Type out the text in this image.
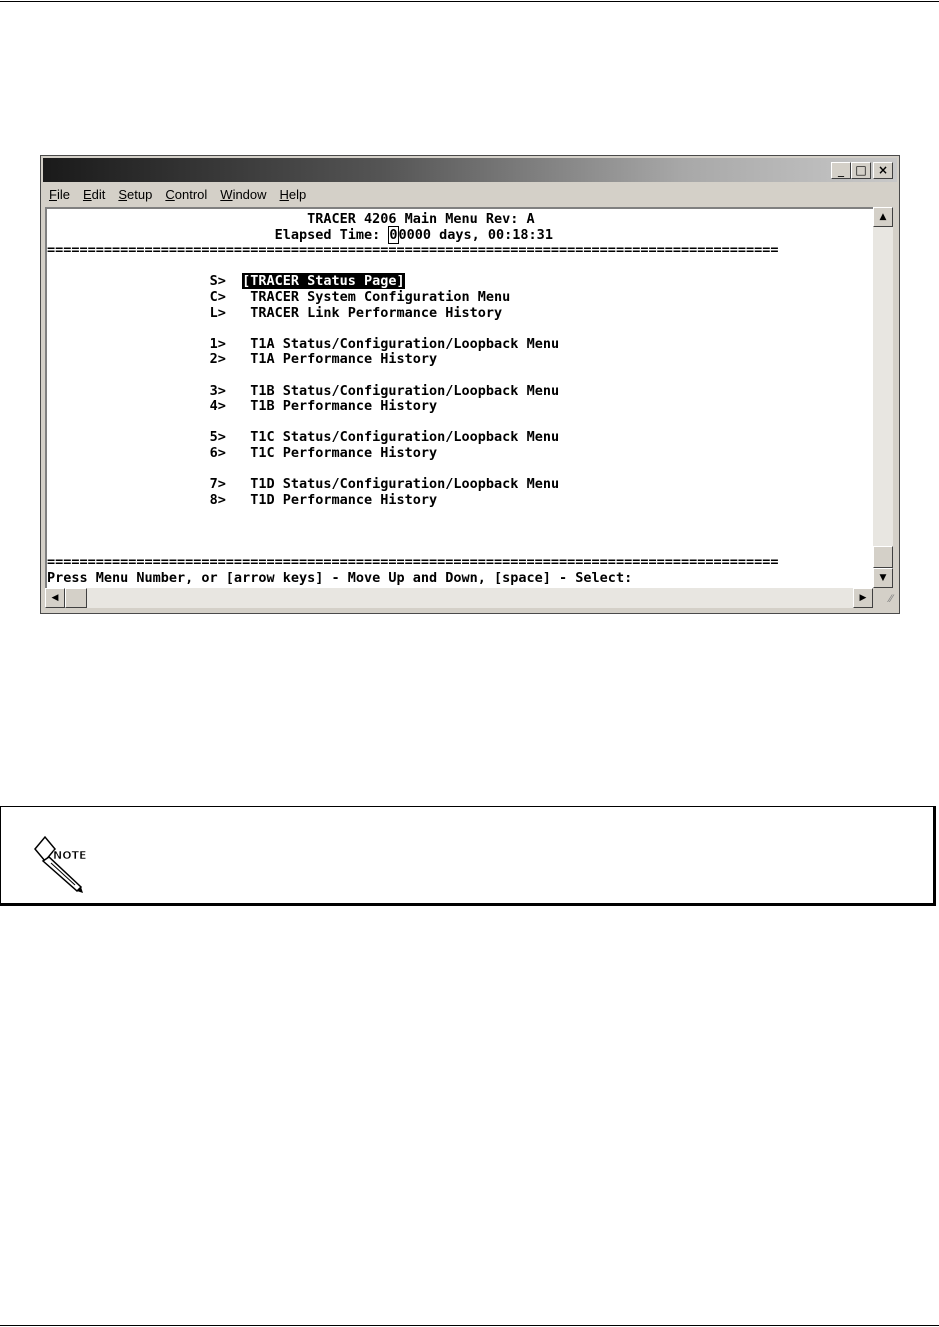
_ □ ×
File Edit Setup Control Window Help
TRACER 4206 Main Menu Rev: A
Elapsed Time: 00000 days, 00:18:31
==========================================================================================

S> [TRACER Status Page]
C>   TRACER System Configuration Menu
L>   TRACER Link Performance History

1>   T1A Status/Configuration/Loopback Menu
2>   T1A Performance History

3>   T1B Status/Configuration/Loopback Menu
4>   T1B Performance History

5>   T1C Status/Configuration/Loopback Menu
6>   T1C Performance History

7>   T1D Status/Configuration/Loopback Menu
8>   T1D Performance History

==========================================================================================
Press Menu Number, or [arrow keys] - Move Up and Down, [space] - Select:
▲
▼
◀	▶	⁄⁄
NOTE
